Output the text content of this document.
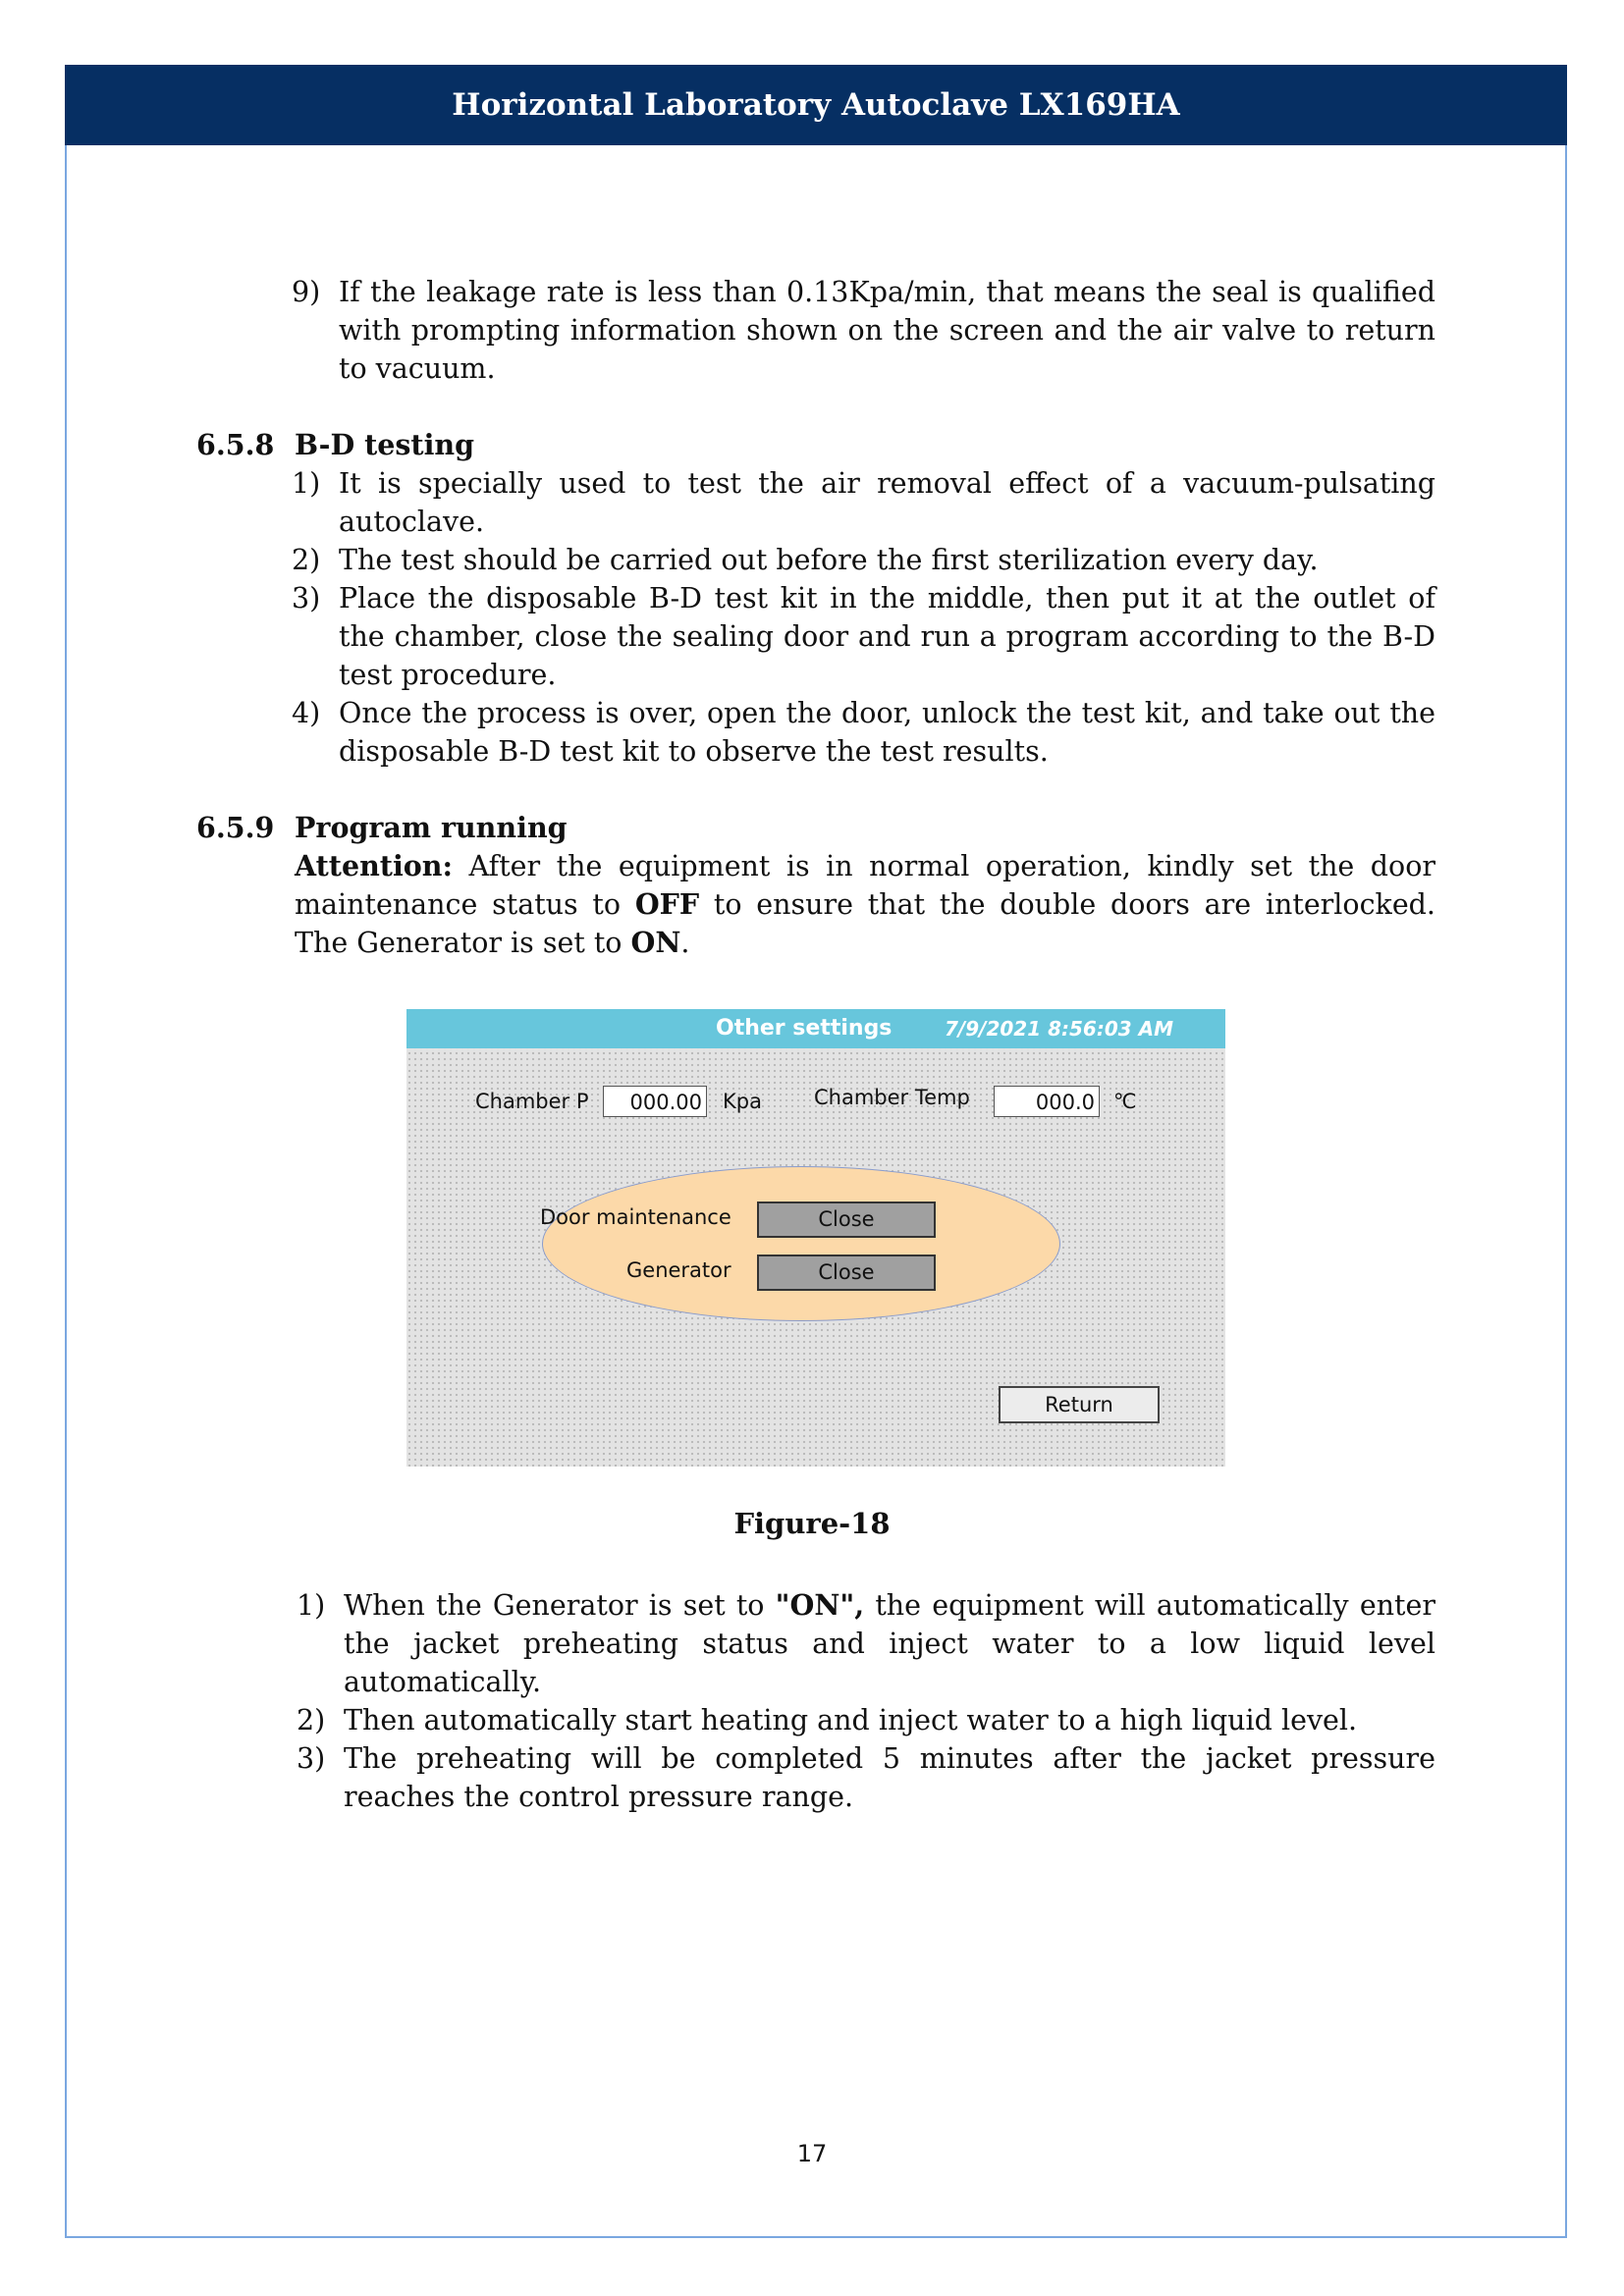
Horizontal Laboratory Autoclave LX169HA

9) If the leakage rate is less than 0.13Kpa/min, that means the seal is qualified with prompting information shown on the screen and the air valve to return to vacuum.

6.5.8 B-D testing

1) It is specially used to test the air removal effect of a vacuum-pulsating autoclave.

2) The test should be carried out before the first sterilization every day.

3) Place the disposable B-D test kit in the middle, then put it at the outlet of the chamber, close the sealing door and run a program according to the B-D test procedure.

4) Once the process is over, open the door, unlock the test kit, and take out the disposable B-D test kit to observe the test results.

6.5.9 Program running

Attention: After the equipment is in normal operation, kindly set the door maintenance status to OFF to ensure that the double doors are interlocked. The Generator is set to ON.

Other settings	7/9/2021 8:56:03 AM
Chamber P	000.00 Kpa	Chamber Temp	000.0 ℃
Door maintenance	Close
Generator	Close
Return
Figure-18

1) When the Generator is set to "ON", the equipment will automatically enter the jacket preheating status and inject water to a low liquid level automatically.

2) Then automatically start heating and inject water to a high liquid level.

3) The preheating will be completed 5 minutes after the jacket pressure reaches the control pressure range.

17
